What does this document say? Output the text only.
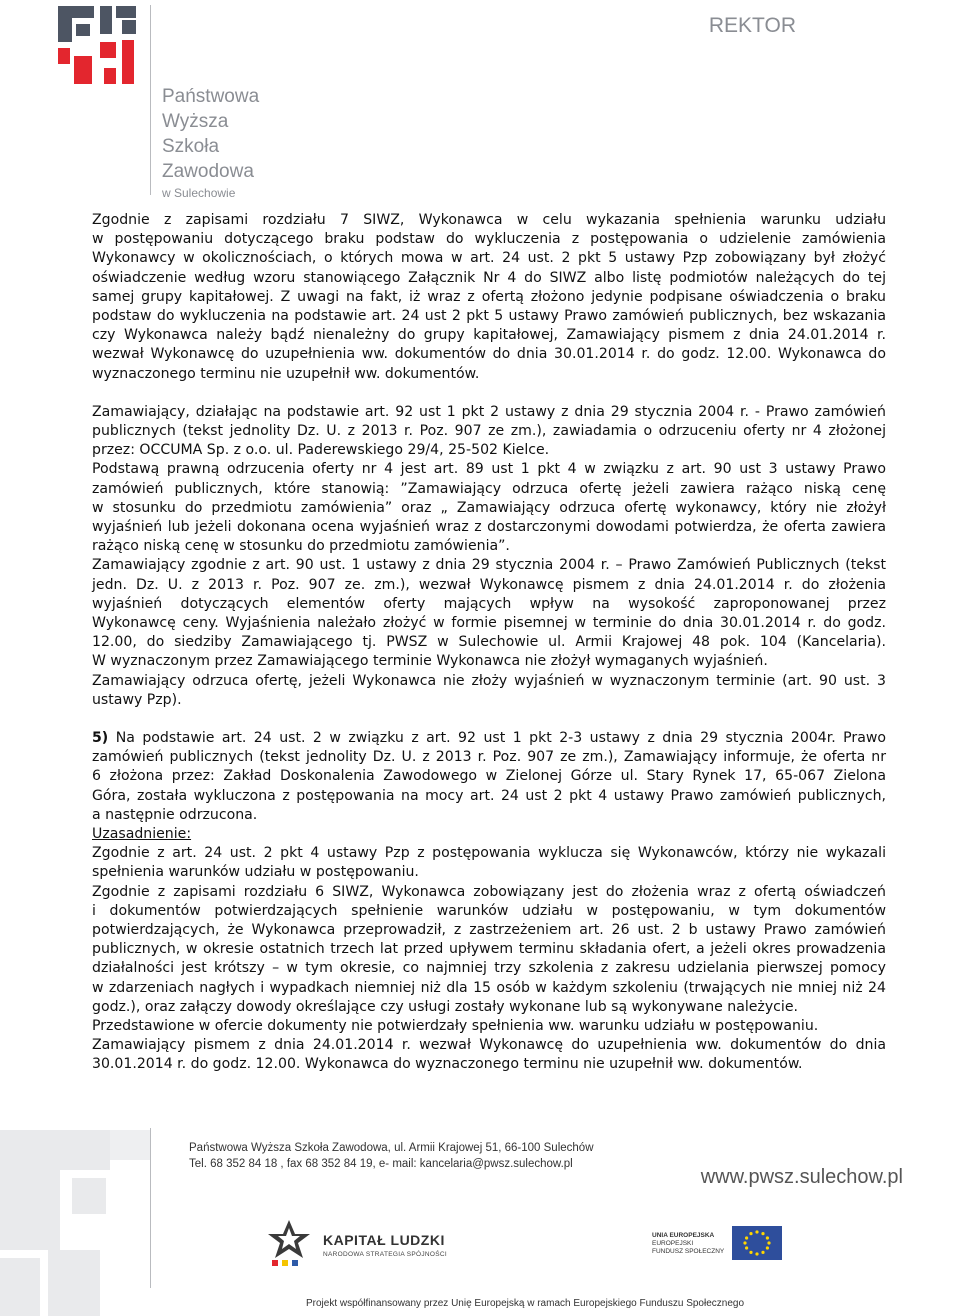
Państwowa
Wyższa
Szkoła
Zawodowa
w Sulechowie
REKTOR
Zgodnie z zapisami rozdziału 7 SIWZ, Wykonawca w celu wykazania spełnienia warunku udziału
w postępowaniu dotyczącego braku podstaw do wykluczenia z postępowania o udzielenie zamówienia
Wykonawcy w okolicznościach, o których mowa w art. 24 ust. 2 pkt 5 ustawy Pzp zobowiązany był złożyć
oświadczenie według wzoru stanowiącego Załącznik Nr 4 do SIWZ albo listę podmiotów należących do tej
samej grupy kapitałowej. Z uwagi na fakt, iż wraz z ofertą złożono jedynie podpisane oświadczenia o braku
podstaw do wykluczenia na podstawie art. 24 ust 2 pkt 5 ustawy Prawo zamówień publicznych, bez wskazania
czy Wykonawca należy bądź nienależny do grupy kapitałowej, Zamawiający pismem z dnia 24.01.2014 r.
wezwał Wykonawcę do uzupełnienia ww. dokumentów do dnia 30.01.2014 r. do godz. 12.00. Wykonawca do
wyznaczonego terminu nie uzupełnił ww. dokumentów.
Zamawiający, działając na podstawie art. 92 ust 1 pkt 2 ustawy z dnia 29 stycznia 2004 r. - Prawo zamówień
publicznych (tekst jednolity Dz. U. z 2013 r. Poz. 907 ze zm.), zawiadamia o odrzuceniu oferty nr 4 złożonej
przez: OCCUMA Sp. z o.o. ul. Paderewskiego 29/4, 25-502 Kielce.
Podstawą prawną odrzucenia oferty nr 4 jest art. 89 ust 1 pkt 4 w związku z art. 90 ust 3 ustawy Prawo
zamówień publicznych, które stanowią: ”Zamawiający odrzuca ofertę jeżeli zawiera rażąco niską cenę
w stosunku do przedmiotu zamówienia” oraz „ Zamawiający odrzuca ofertę wykonawcy, który nie złożył
wyjaśnień lub jeżeli dokonana ocena wyjaśnień wraz z dostarczonymi dowodami potwierdza, że oferta zawiera
rażąco niską cenę w stosunku do przedmiotu zamówienia”.
Zamawiający zgodnie z art. 90 ust. 1 ustawy z dnia 29 stycznia 2004 r. – Prawo Zamówień Publicznych (tekst
jedn. Dz. U. z 2013 r. Poz. 907 ze. zm.), wezwał Wykonawcę pismem z dnia 24.01.2014 r. do złożenia
wyjaśnień dotyczących elementów oferty mających wpływ na wysokość zaproponowanej przez
Wykonawcę ceny. Wyjaśnienia należało złożyć w formie pisemnej w terminie do dnia 30.01.2014 r. do godz.
12.00, do siedziby Zamawiającego tj. PWSZ w Sulechowie ul. Armii Krajowej 48 pok. 104 (Kancelaria).
W wyznaczonym przez Zamawiającego terminie Wykonawca nie złożył wymaganych wyjaśnień.
Zamawiający odrzuca ofertę, jeżeli Wykonawca nie złoży wyjaśnień w wyznaczonym terminie (art. 90 ust. 3
ustawy Pzp).
5) Na podstawie art. 24 ust. 2 w związku z art. 92 ust 1 pkt 2-3 ustawy z dnia 29 stycznia 2004r. Prawo
zamówień publicznych (tekst jednolity Dz. U. z 2013 r. Poz. 907 ze zm.), Zamawiający informuje, że oferta nr
6 złożona przez: Zakład Doskonalenia Zawodowego w Zielonej Górze ul. Stary Rynek 17, 65-067 Zielona
Góra, została wykluczona z postępowania na mocy art. 24 ust 2 pkt 4 ustawy Prawo zamówień publicznych,
a następnie odrzucona.
Uzasadnienie:
Zgodnie z art. 24 ust. 2 pkt 4 ustawy Pzp z postępowania wyklucza się Wykonawców, którzy nie wykazali
spełnienia warunków udziału w postępowaniu.
Zgodnie z zapisami rozdziału 6 SIWZ, Wykonawca zobowiązany jest do złożenia wraz z ofertą oświadczeń
i dokumentów potwierdzających spełnienie warunków udziału w postępowaniu, w tym dokumentów
potwierdzających, że Wykonawca przeprowadził, z zastrzeżeniem art. 26 ust. 2 b ustawy Prawo zamówień
publicznych, w okresie ostatnich trzech lat przed upływem terminu składania ofert, a jeżeli okres prowadzenia
działalności jest krótszy – w tym okresie, co najmniej trzy szkolenia z zakresu udzielania pierwszej pomocy
w zdarzeniach nagłych i wypadkach niemniej niż dla 15 osób w każdym szkoleniu (trwających nie mniej niż 24
godz.), oraz załączy dowody określające czy usługi zostały wykonane lub są wykonywane należycie.
Przedstawione w ofercie dokumenty nie potwierdzały spełnienia ww. warunku udziału w postępowaniu.
Zamawiający pismem z dnia 24.01.2014 r. wezwał Wykonawcę do uzupełnienia ww. dokumentów do dnia
30.01.2014 r. do godz. 12.00. Wykonawca do wyznaczonego terminu nie uzupełnił ww. dokumentów.
Państwowa Wyższa Szkoła Zawodowa, ul. Armii Krajowej 51, 66-100 Sulechów
Tel. 68 352 84 18 , fax 68 352 84 19, e- mail: kancelaria@pwsz.sulechow.pl
www.pwsz.sulechow.pl
KAPITAŁ LUDZKI
NARODOWA STRATEGIA SPÓJNOŚCI
UNIA EUROPEJSKA
EUROPEJSKI
FUNDUSZ SPOŁECZNY
Projekt współfinansowany przez Unię Europejską w ramach Europejskiego Funduszu Społecznego
